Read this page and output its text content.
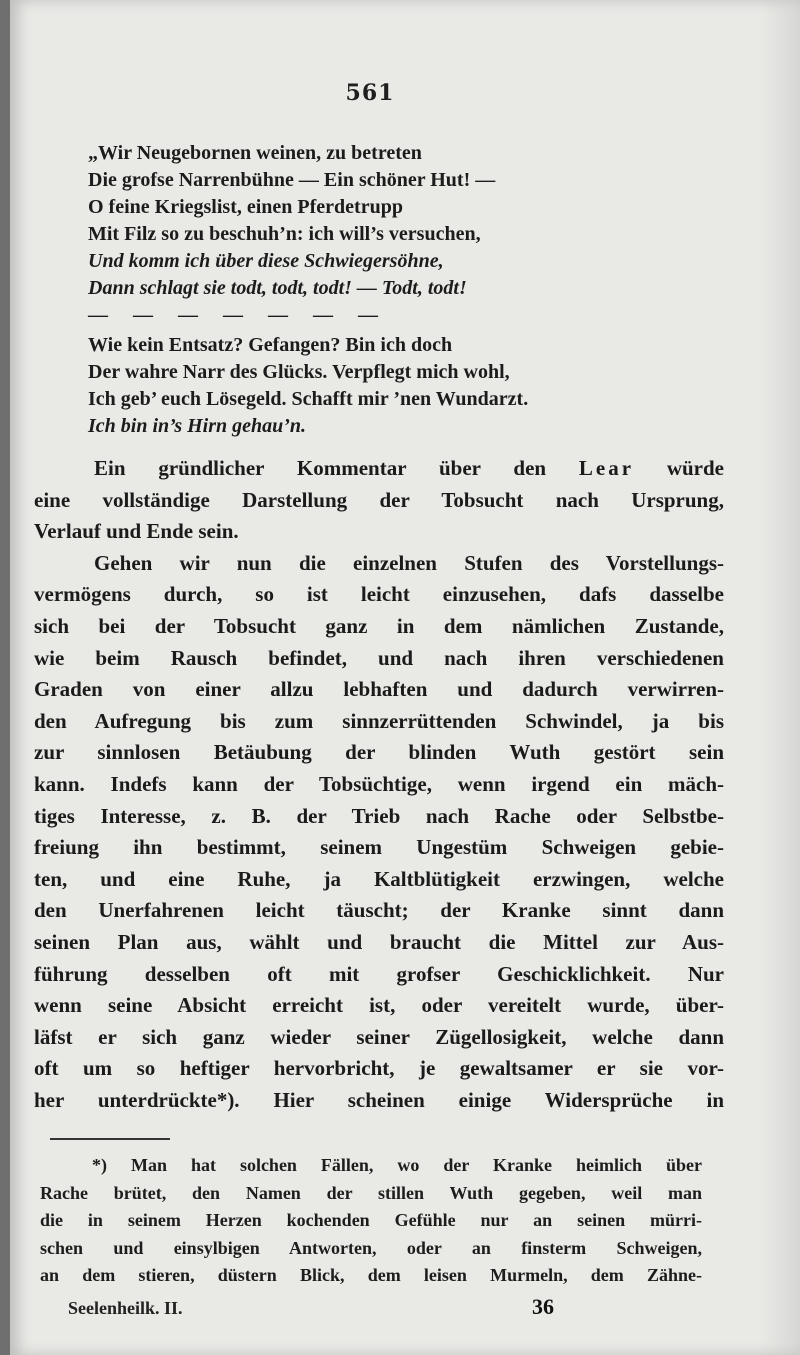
561
„Wir Neugebornen weinen, zu betreten
Die grofse Narrenbühne — Ein schöner Hut! —
O feine Kriegslist, einen Pferdetrupp
Mit Filz so zu beschuh’n: ich will’s versuchen,
Und komm ich über diese Schwiegersöhne,
Dann schlagt sie todt, todt, todt! — Todt, todt!
— — — — — — —
Wie kein Entsatz? Gefangen? Bin ich doch
Der wahre Narr des Glücks. Verpflegt mich wohl,
Ich geb’ euch Lösegeld. Schafft mir ’nen Wundarzt.
Ich bin in’s Hirn gehau’n.
Ein gründlicher Kommentar über den Lear würde
eine vollständige Darstellung der Tobsucht nach Ursprung,
Verlauf und Ende sein.
Gehen wir nun die einzelnen Stufen des Vorstellungs-
vermögens durch, so ist leicht einzusehen, dafs dasselbe
sich bei der Tobsucht ganz in dem nämlichen Zustande,
wie beim Rausch befindet, und nach ihren verschiedenen
Graden von einer allzu lebhaften und dadurch verwirren-
den Aufregung bis zum sinnzerrüttenden Schwindel, ja bis
zur sinnlosen Betäubung der blinden Wuth gestört sein
kann. Indefs kann der Tobsüchtige, wenn irgend ein mäch-
tiges Interesse, z. B. der Trieb nach Rache oder Selbstbe-
freiung ihn bestimmt, seinem Ungestüm Schweigen gebie-
ten, und eine Ruhe, ja Kaltblütigkeit erzwingen, welche
den Unerfahrenen leicht täuscht; der Kranke sinnt dann
seinen Plan aus, wählt und braucht die Mittel zur Aus-
führung desselben oft mit grofser Geschicklichkeit. Nur
wenn seine Absicht erreicht ist, oder vereitelt wurde, über-
läfst er sich ganz wieder seiner Zügellosigkeit, welche dann
oft um so heftiger hervorbricht, je gewaltsamer er sie vor-
her unterdrückte*). Hier scheinen einige Widersprüche in
*) Man hat solchen Fällen, wo der Kranke heimlich über
Rache brütet, den Namen der stillen Wuth gegeben, weil man
die in seinem Herzen kochenden Gefühle nur an seinen mürri-
schen und einsylbigen Antworten, oder an finsterm Schweigen,
an dem stieren, düstern Blick, dem leisen Murmeln, dem Zähne-
Seelenheilk. II.	36
